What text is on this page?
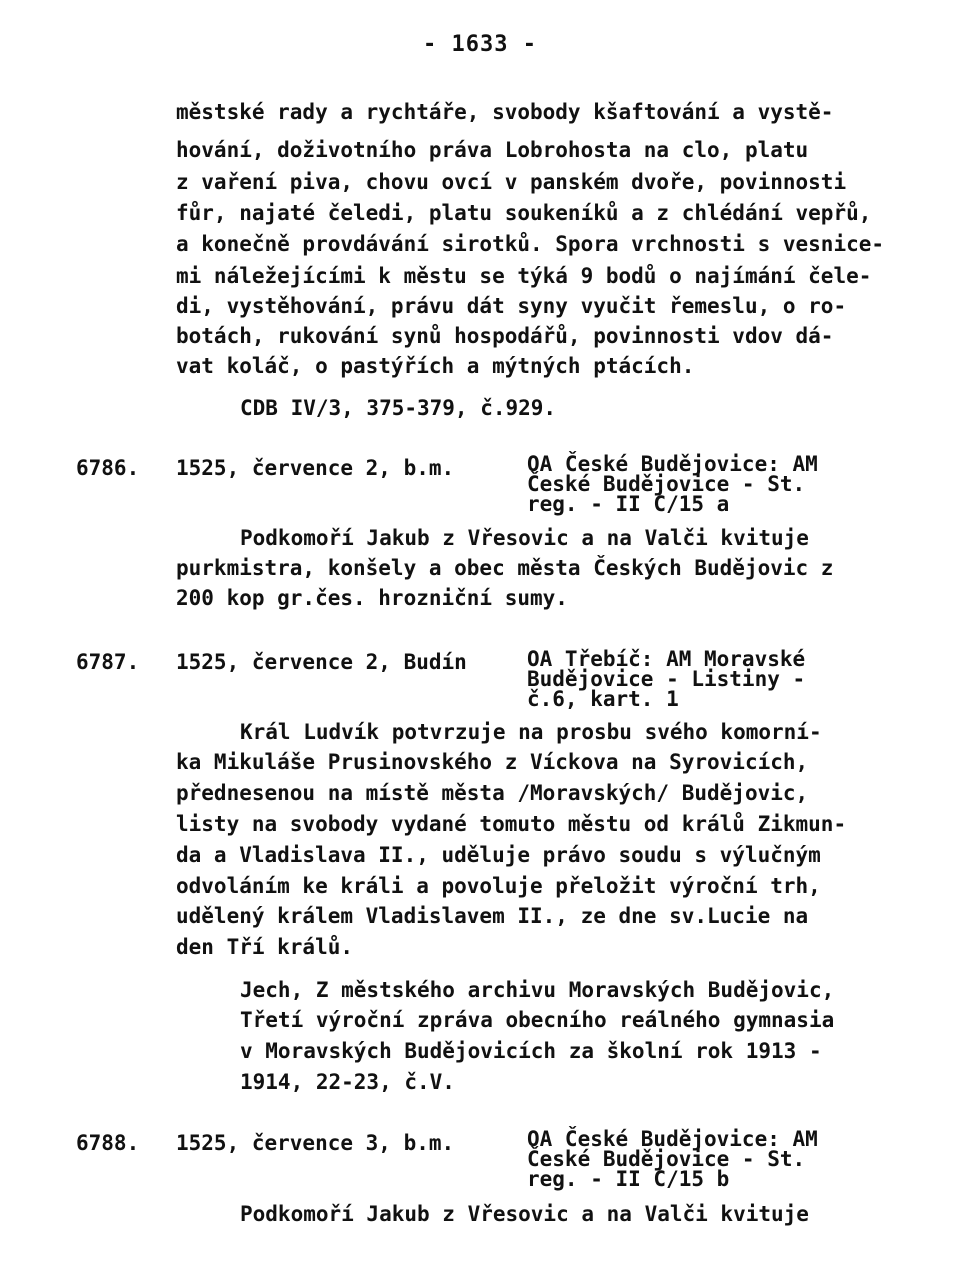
- 1633 -
městské rady a rychtáře, svobody kšaftování a vystě-
hování, doživotního práva Lobrohosta na clo, platu
z vaření piva, chovu ovcí v panském dvoře, povinnosti
fůr, najaté čeledi, platu soukeníků a z chlédání vepřů,
a konečně provdávání sirotků. Spora vrchnosti s vesnice-
mi náležejícími k městu se týká 9 bodů o najímání čele-
di, vystěhování, právu dát syny vyučit řemeslu, o ro-
botách, rukování synů hospodářů, povinnosti vdov dá-
vat koláč, o pastýřích a mýtných ptácích.
CDB IV/3, 375-379, č.929.
6786. 1525, července 2, b.m.	OA České Budějovice: AM
České Budějovice - St.
reg. - II C/15 a
Podkomoří Jakub z Vřesovic a na Valči kvituje
purkmistra, konšely a obec města Českých Budějovic z
200 kop gr.čes. hrozniční sumy.
6787. 1525, července 2, Budín	OA Třebíč: AM Moravské
Budějovice - Listiny -
č.6, kart. 1
Král Ludvík potvrzuje na prosbu svého komorní-
ka Mikuláše Prusinovského z Víckova na Syrovicích,
přednesenou na místě města /Moravských/ Budějovic,
listy na svobody vydané tomuto městu od králů Zikmun-
da a Vladislava II., uděluje právo soudu s výlučným
odvoláním ke králi a povoluje přeložit výroční trh,
udělený králem Vladislavem II., ze dne sv.Lucie na
den Tří králů.
Jech, Z městského archivu Moravských Budějovic,
Třetí výroční zpráva obecního reálného gymnasia
v Moravských Budějovicích za školní rok 1913 -
1914, 22-23, č.V.
6788. 1525, července 3, b.m.	OA České Budějovice: AM
České Budějovice - St.
reg. - II C/15 b
Podkomoří Jakub z Vřesovic a na Valči kvituje
